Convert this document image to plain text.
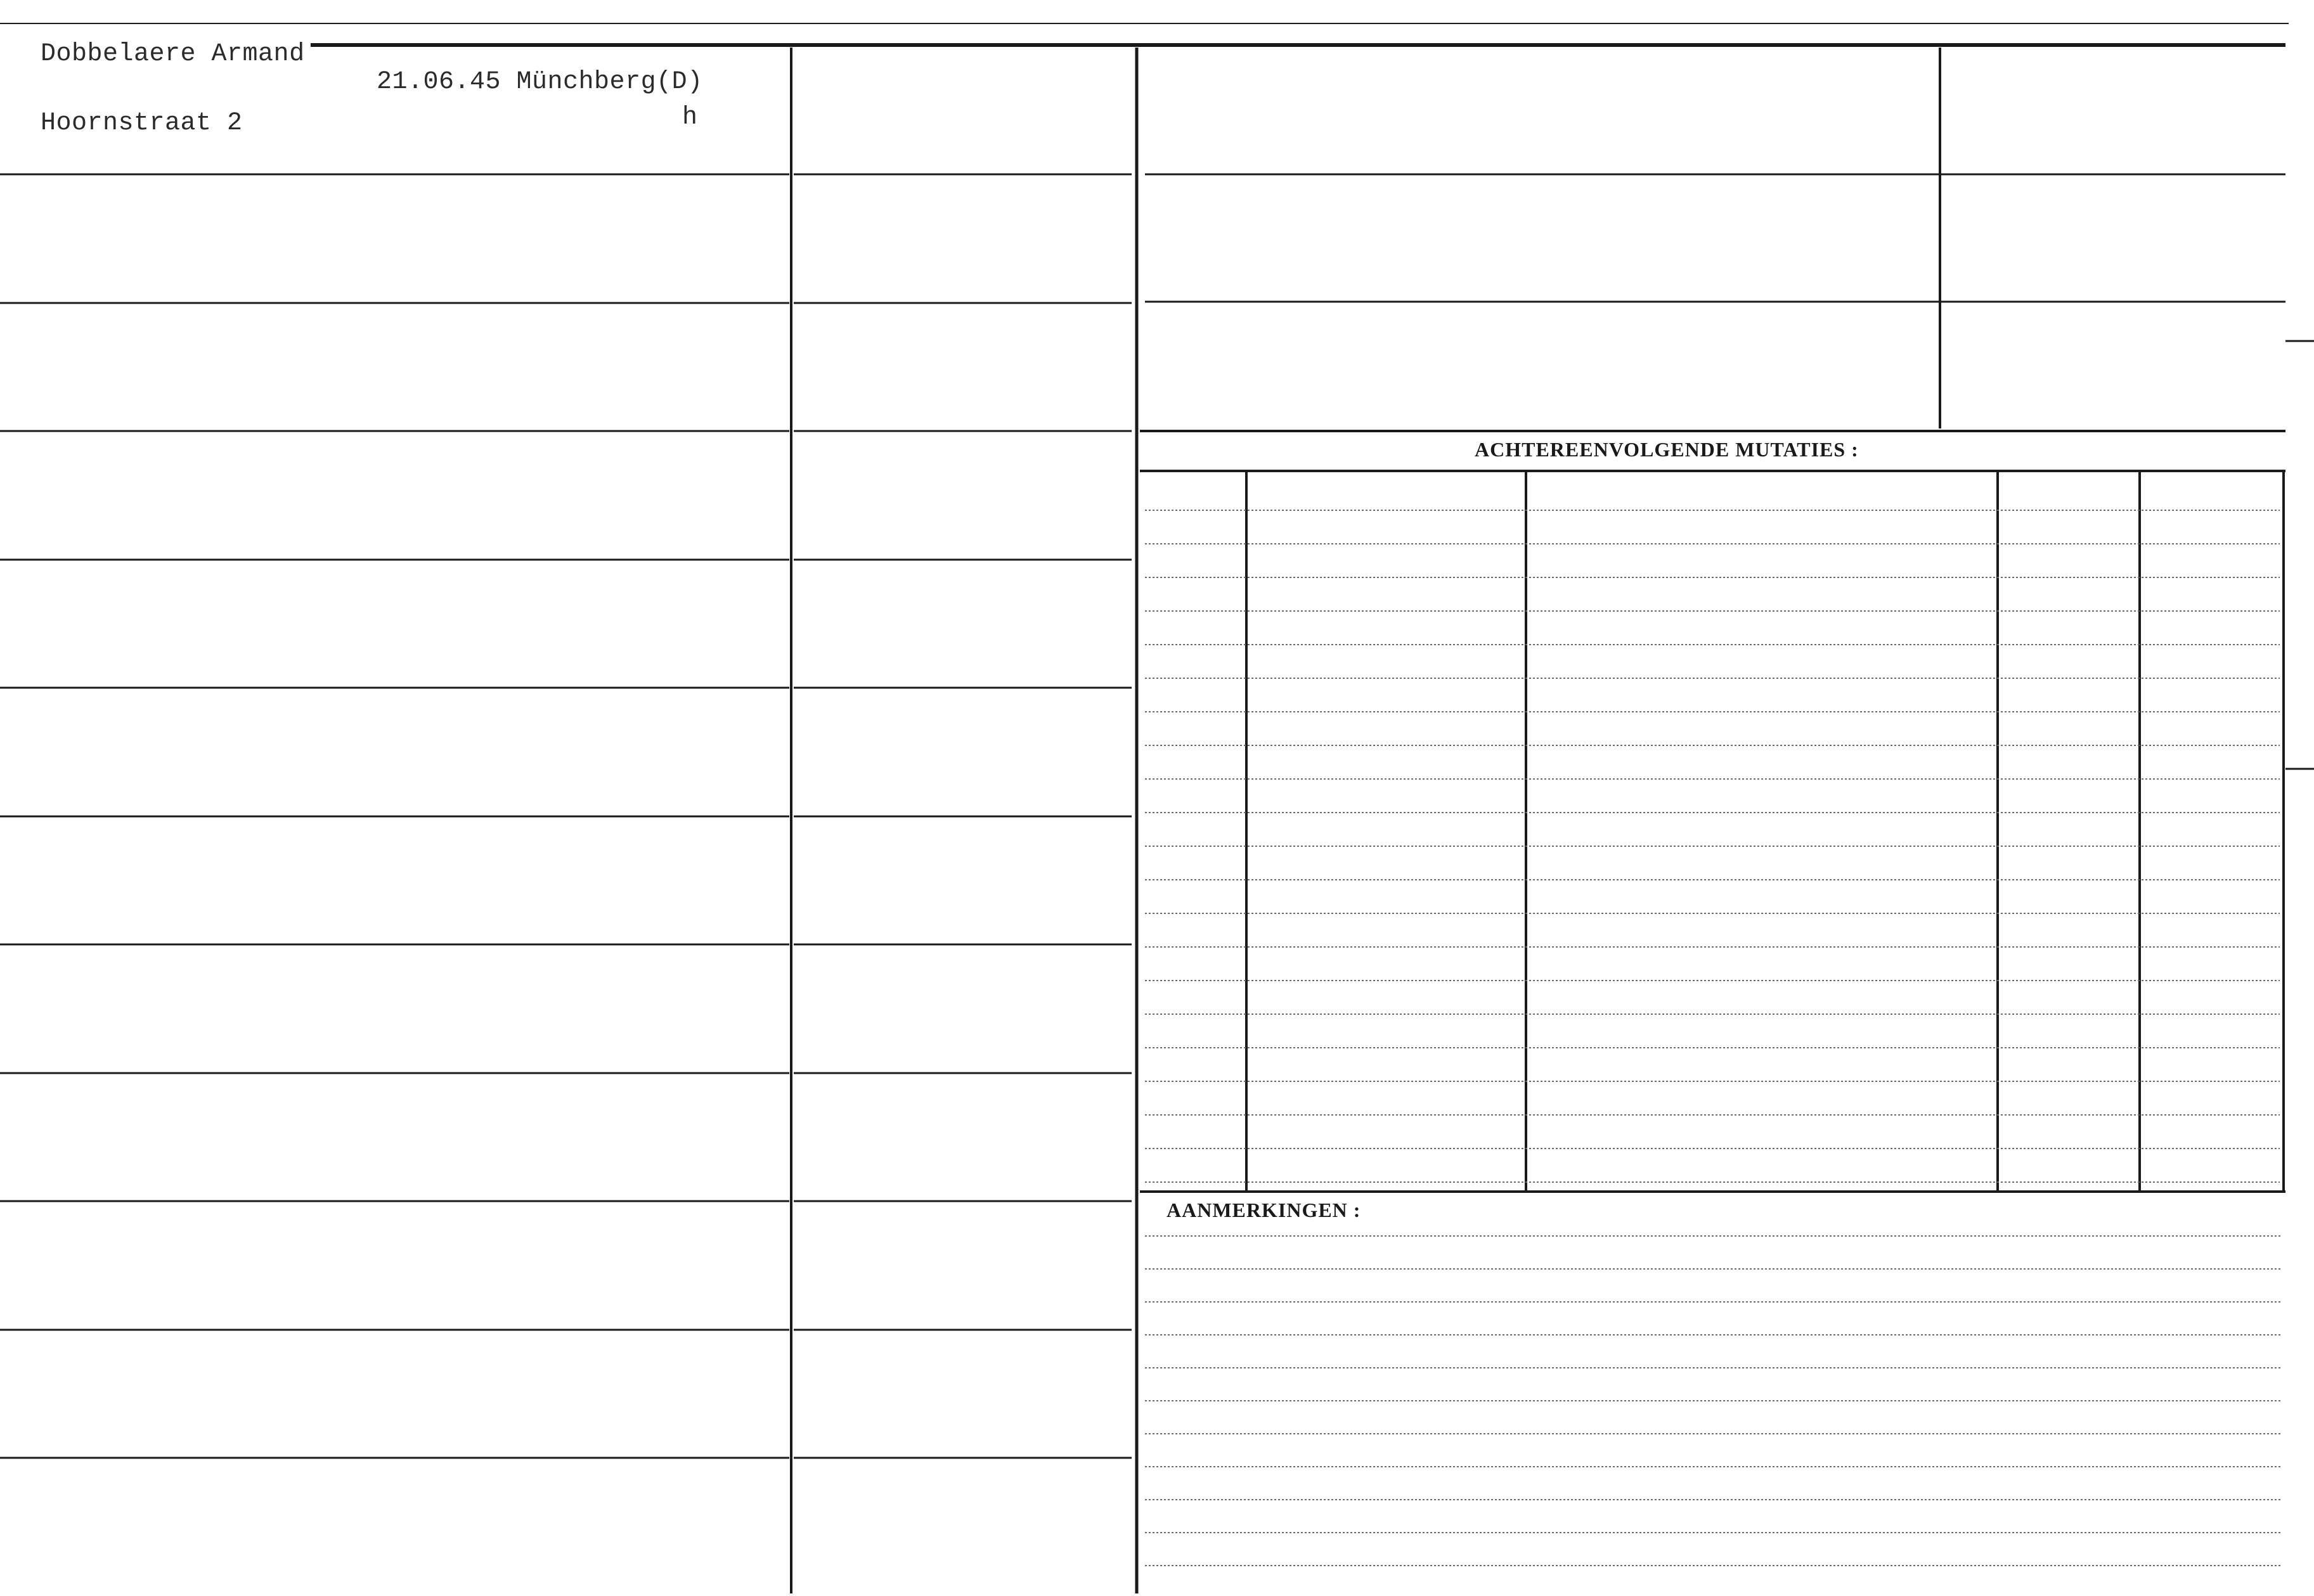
Dobbelaere Armand
21.06.45 Münchberg(D)
Hoornstraat 2	h
ACHTEREENVOLGENDE MUTATIES :
AANMERKINGEN :
